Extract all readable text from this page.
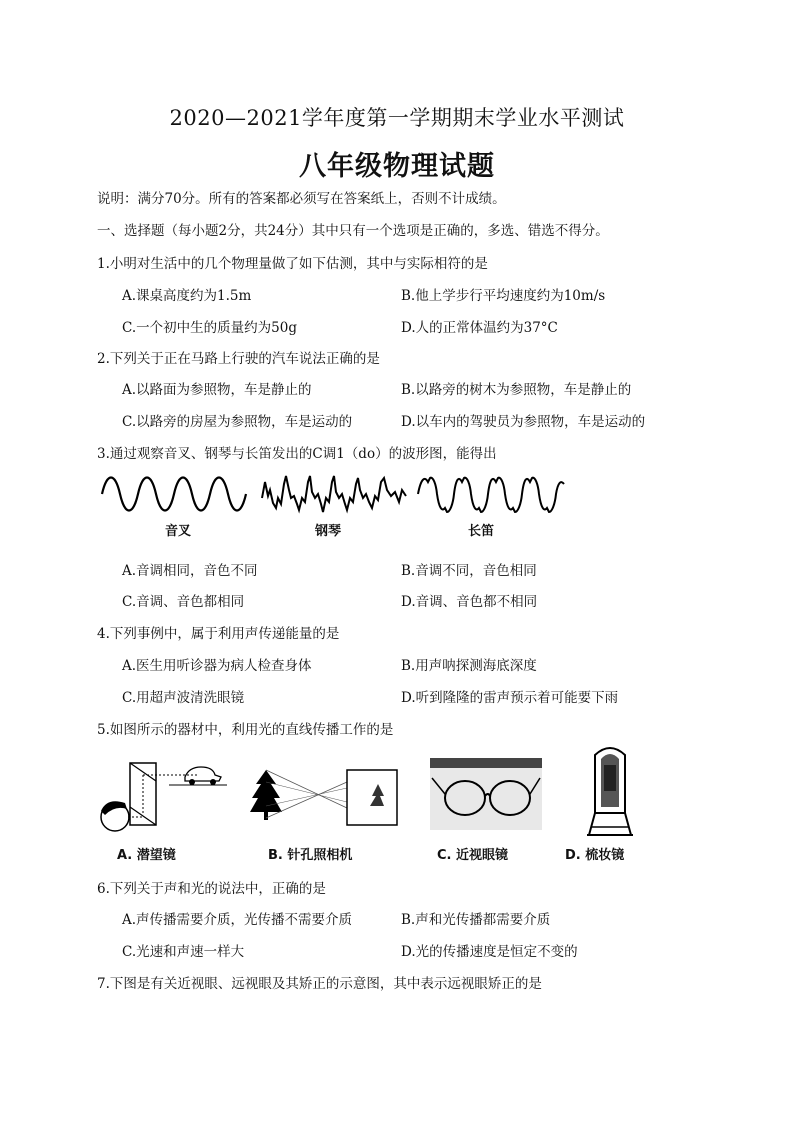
2020—2021学年度第一学期期末学业水平测试
八年级物理试题
说明：满分70分。所有的答案都必须写在答案纸上，否则不计成绩。
一、选择题（每小题2分，共24分）其中只有一个选项是正确的，多选、错选不得分。
1.小明对生活中的几个物理量做了如下估测，其中与实际相符的是
A.课桌高度约为1.5m	B.他上学步行平均速度约为10m/s
C.一个初中生的质量约为50g	D.人的正常体温约为37°C
2.下列关于正在马路上行驶的汽车说法正确的是
A.以路面为参照物，车是静止的	B.以路旁的树木为参照物，车是静止的
C.以路旁的房屋为参照物，车是运动的	D.以车内的驾驶员为参照物，车是运动的
3.通过观察音叉、钢琴与长笛发出的C调1（do）的波形图，能得出
音叉	钢琴	长笛
A.音调相同，音色不同	B.音调不同，音色相同
C.音调、音色都相同	D.音调、音色都不相同
4.下列事例中，属于利用声传递能量的是
A.医生用听诊器为病人检查身体	B.用声呐探测海底深度
C.用超声波清洗眼镜	D.听到隆隆的雷声预示着可能要下雨
5.如图所示的器材中，利用光的直线传播工作的是
A. 潜望镜	B. 针孔照相机	C. 近视眼镜	D. 梳妆镜
6.下列关于声和光的说法中，正确的是
A.声传播需要介质，光传播不需要介质	B.声和光传播都需要介质
C.光速和声速一样大	D.光的传播速度是恒定不变的
7.下图是有关近视眼、远视眼及其矫正的示意图，其中表示远视眼矫正的是
